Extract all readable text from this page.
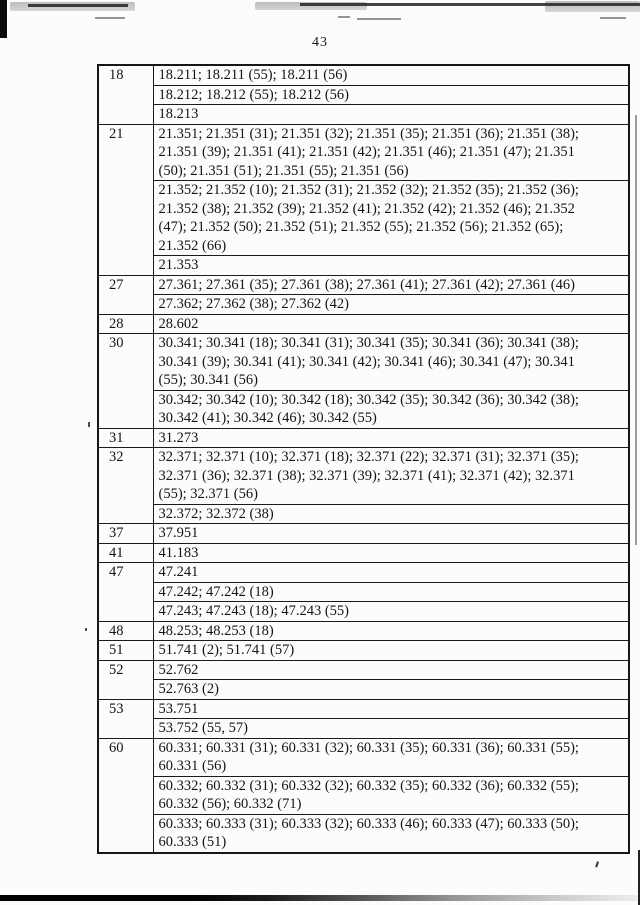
43
18	18.211; 18.211 (55); 18.211 (56)
	18.212; 18.212 (55); 18.212 (56)
	18.213
21	21.351; 21.351 (31); 21.351 (32); 21.351 (35); 21.351 (36); 21.351 (38); 21.351 (39); 21.351 (41); 21.351 (42); 21.351 (46); 21.351 (47); 21.351 (50); 21.351 (51); 21.351 (55); 21.351 (56)
	21.352; 21.352 (10); 21.352 (31); 21.352 (32); 21.352 (35); 21.352 (36); 21.352 (38); 21.352 (39); 21.352 (41); 21.352 (42); 21.352 (46); 21.352 (47); 21.352 (50); 21.352 (51); 21.352 (55); 21.352 (56); 21.352 (65); 21.352 (66)
	21.353
27	27.361; 27.361 (35); 27.361 (38); 27.361 (41); 27.361 (42); 27.361 (46)
	27.362; 27.362 (38); 27.362 (42)
28	28.602
30	30.341; 30.341 (18); 30.341 (31); 30.341 (35); 30.341 (36); 30.341 (38); 30.341 (39); 30.341 (41); 30.341 (42); 30.341 (46); 30.341 (47); 30.341 (55); 30.341 (56)
	30.342; 30.342 (10); 30.342 (18); 30.342 (35); 30.342 (36); 30.342 (38); 30.342 (41); 30.342 (46); 30.342 (55)
31	31.273
32	32.371; 32.371 (10); 32.371 (18); 32.371 (22); 32.371 (31); 32.371 (35); 32.371 (36); 32.371 (38); 32.371 (39); 32.371 (41); 32.371 (42); 32.371 (55); 32.371 (56)
	32.372; 32.372 (38)
37	37.951
41	41.183
47	47.241
	47.242; 47.242 (18)
	47.243; 47.243 (18); 47.243 (55)
48	48.253; 48.253 (18)
51	51.741 (2); 51.741 (57)
52	52.762
	52.763 (2)
53	53.751
	53.752 (55, 57)
60	60.331; 60.331 (31); 60.331 (32); 60.331 (35); 60.331 (36); 60.331 (55); 60.331 (56)
	60.332; 60.332 (31); 60.332 (32); 60.332 (35); 60.332 (36); 60.332 (55); 60.332 (56); 60.332 (71)
	60.333; 60.333 (31); 60.333 (32); 60.333 (46); 60.333 (47); 60.333 (50); 60.333 (51)
